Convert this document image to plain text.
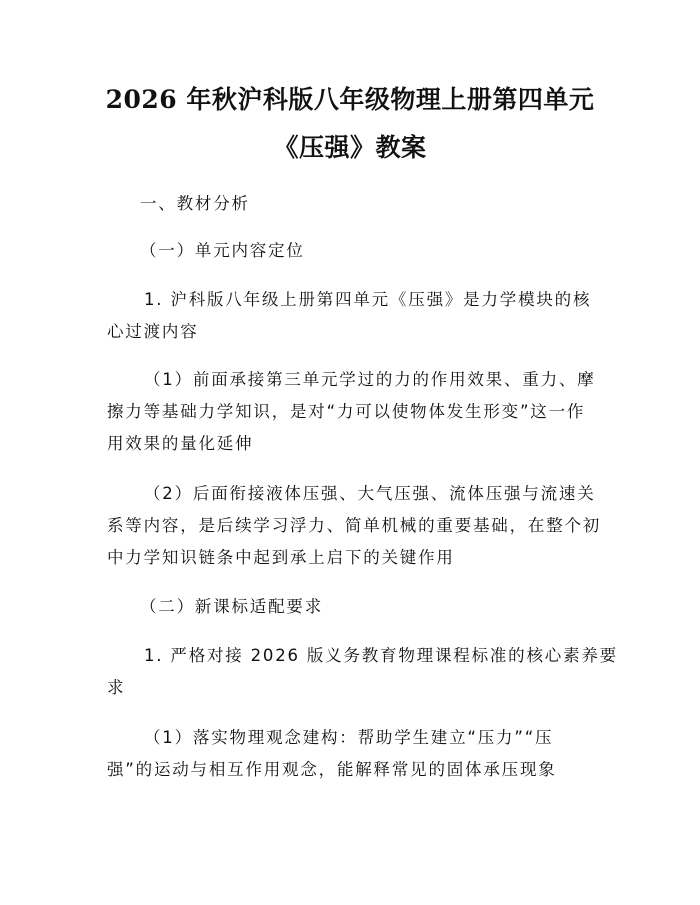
2026 年秋沪科版八年级物理上册第四单元
《压强》教案
一、教材分析
（一）单元内容定位
1. 沪科版八年级上册第四单元《压强》是力学模块的核
心过渡内容
（1）前面承接第三单元学过的力的作用效果、重力、摩
擦力等基础力学知识，是对“力可以使物体发生形变”这一作
用效果的量化延伸
（2）后面衔接液体压强、大气压强、流体压强与流速关
系等内容，是后续学习浮力、简单机械的重要基础，在整个初
中力学知识链条中起到承上启下的关键作用
（二）新课标适配要求
1. 严格对接 2026 版义务教育物理课程标准的核心素养要
求
（1）落实物理观念建构：帮助学生建立“压力”“压
强”的运动与相互作用观念，能解释常见的固体承压现象
